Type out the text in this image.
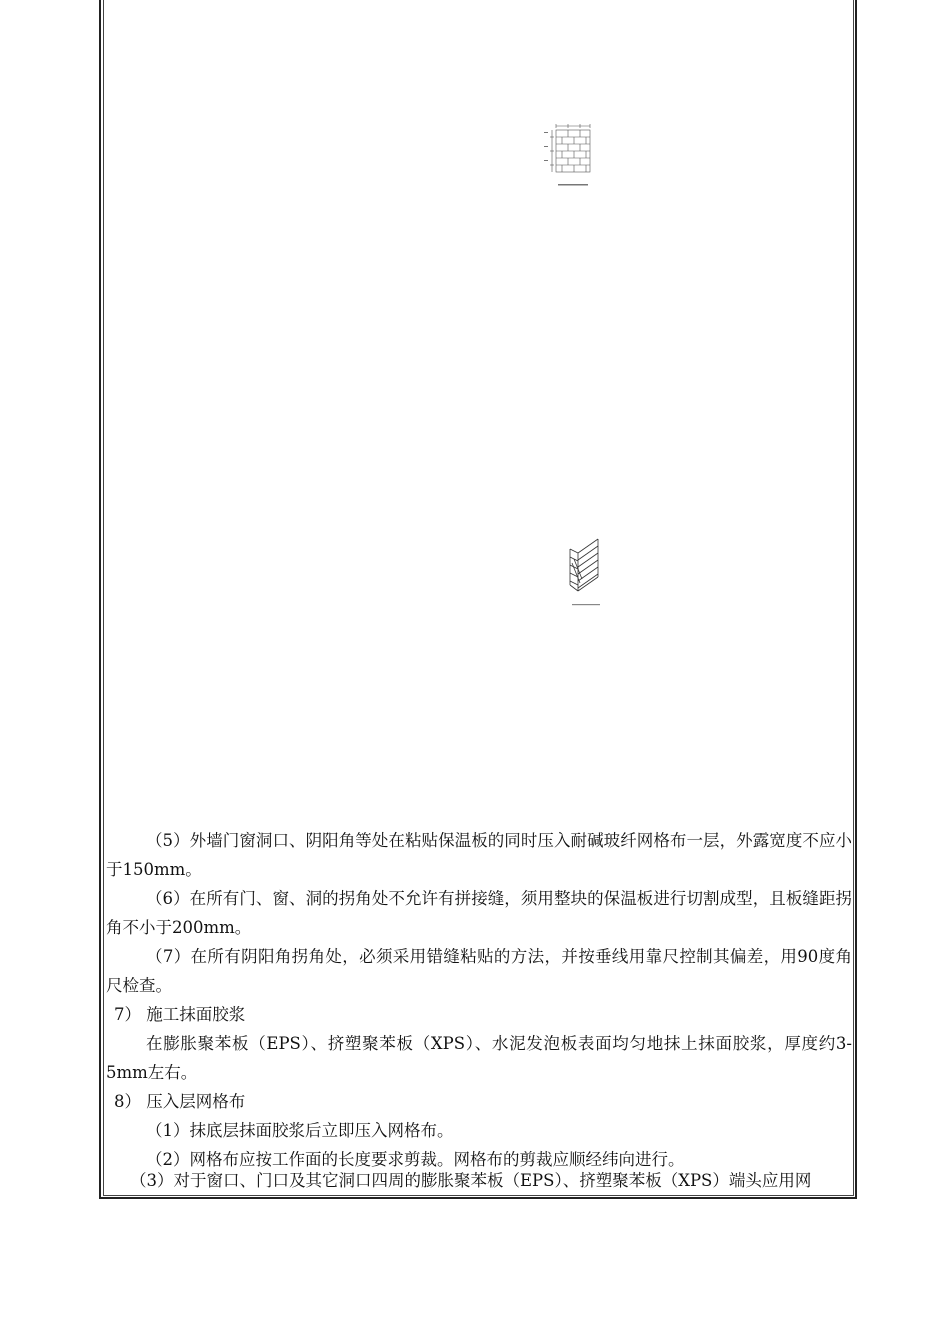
（5）外墙门窗洞口、阴阳角等处在粘贴保温板的同时压入耐碱玻纤网格布一层，外露宽度不应小于150mm。

（6）在所有门、窗、洞的拐角处不允许有拼接缝，须用整块的保温板进行切割成型，且板缝距拐角不小于200mm。

（7）在所有阴阳角拐角处，必须采用错缝粘贴的方法，并按垂线用靠尺控制其偏差，用90度角尺检查。

7） 施工抹面胶浆

在膨胀聚苯板（EPS）、挤塑聚苯板（XPS）、水泥发泡板表面均匀地抹上抹面胶浆，厚度约3-5mm左右。

8） 压入层网格布

（1）抹底层抹面胶浆后立即压入网格布。

（2）网格布应按工作面的长度要求剪裁。网格布的剪裁应顺经纬向进行。

（3）对于窗口、门口及其它洞口四周的膨胀聚苯板（EPS）、挤塑聚苯板（XPS）端头应用网
